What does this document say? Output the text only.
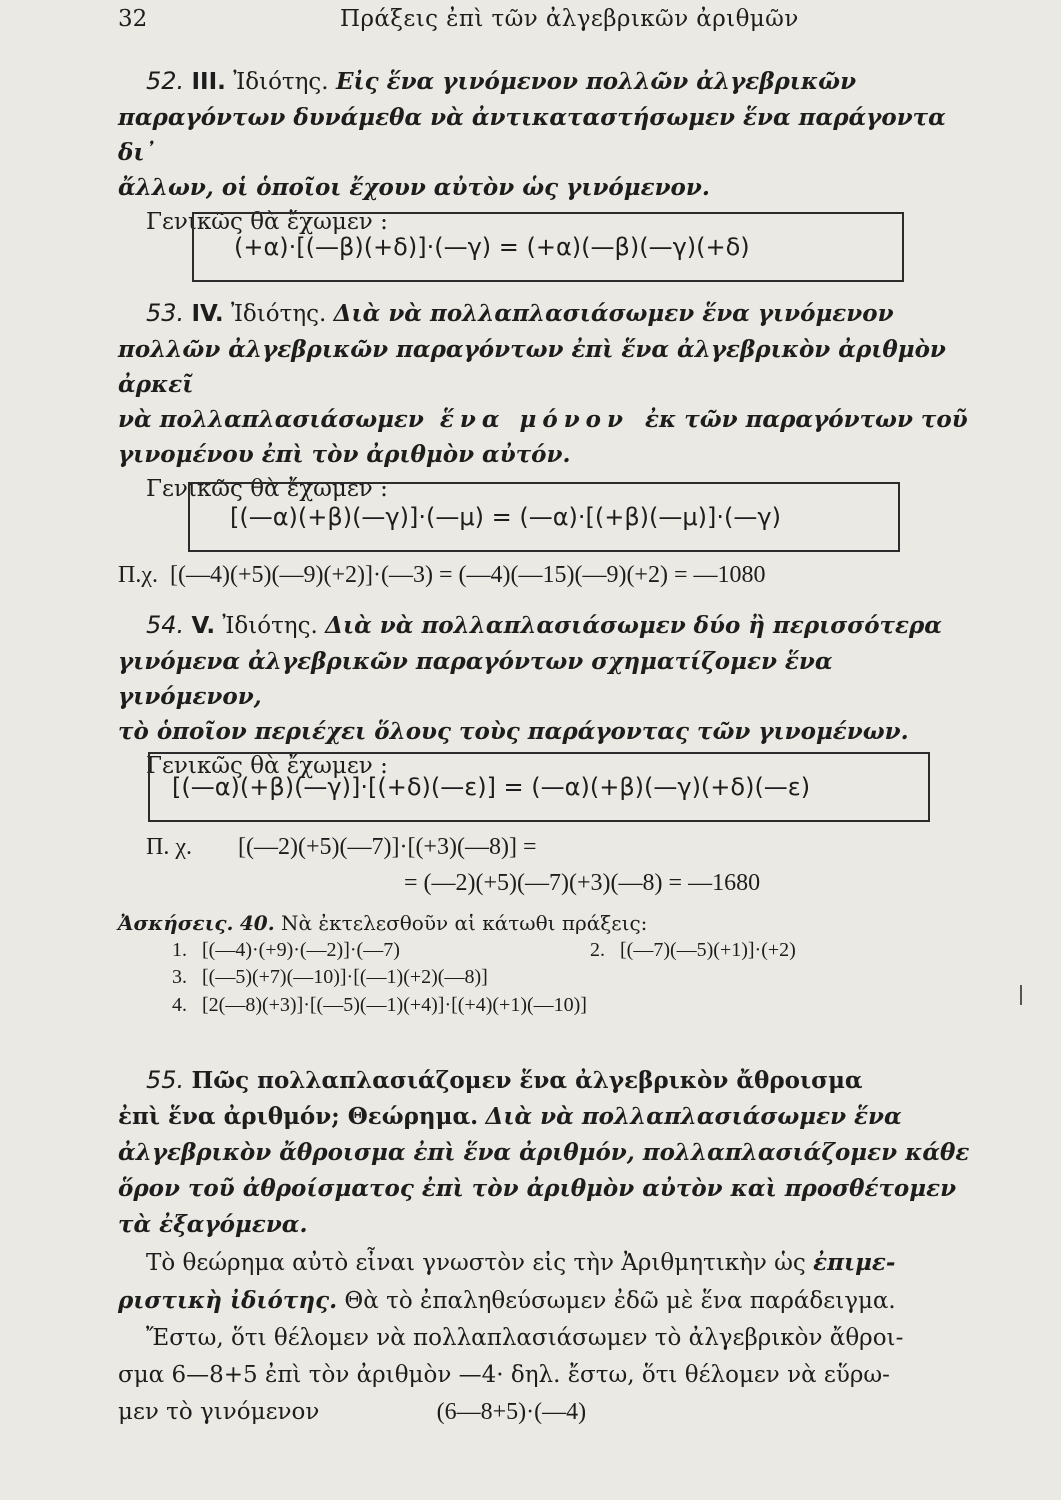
32	Πράξεις ἐπὶ τῶν ἀλγεβρικῶν ἀριθμῶν
52. III. Ἰδιότης. Εἰς ἕνα γινόμενον πολλῶν ἀλγεβρικῶν
παραγόντων δυνάμεθα νὰ ἀντικαταστήσωμεν ἕνα παράγοντα δι᾽
ἄλλων, οἱ ὁποῖοι ἔχουν αὐτὸν ὡς γινόμενον.
Γενικῶς θὰ ἔχωμεν :
(+α)·[(—β)(+δ)]·(—γ) = (+α)(—β)(—γ)(+δ)
53. IV. Ἰδιότης. Διὰ νὰ πολλαπλασιάσωμεν ἕνα γινόμενον
πολλῶν ἀλγεβρικῶν παραγόντων ἐπὶ ἕνα ἀλγεβρικὸν ἀριθμὸν ἀρκεῖ
νὰ πολλαπλασιάσωμεν ἕνα μόνον ἐκ τῶν παραγόντων τοῦ
γινομένου ἐπὶ τὸν ἀριθμὸν αὐτόν.
Γενικῶς θὰ ἔχωμεν :
[(—α)(+β)(—γ)]·(—μ) = (—α)·[(+β)(—μ)]·(—γ)
Π.χ. [(—4)(+5)(—9)(+2)]·(—3) = (—4)(—15)(—9)(+2) = —1080
54. V. Ἰδιότης. Διὰ νὰ πολλαπλασιάσωμεν δύο ἢ περισσότερα
γινόμενα ἀλγεβρικῶν παραγόντων σχηματίζομεν ἕνα γινόμενον,
τὸ ὁποῖον περιέχει ὅλους τοὺς παράγοντας τῶν γινομένων.
Γενικῶς θὰ ἔχωμεν :
[(—α)(+β)(—γ)]·[(+δ)(—ε)] = (—α)(+β)(—γ)(+δ)(—ε)
Π. χ. [(—2)(+5)(—7)]·[(+3)(—8)] =
= (—2)(+5)(—7)(+3)(—8) = —1680
Ἀσκήσεις. 40. Νὰ ἐκτελεσθοῦν αἱ κάτωθι πράξεις:
1. [(—4)·(+9)·(—2)]·(—7)	2. [(—7)(—5)(+1)]·(+2)
3. [(—5)(+7)(—10)]·[(—1)(+2)(—8)]
4. [2(—8)(+3)]·[(—5)(—1)(+4)]·[(+4)(+1)(—10)]
55. Πῶς πολλαπλασιάζομεν ἕνα ἀλγεβρικὸν ἄθροισμα
ἐπὶ ἕνα ἀριθμόν; Θεώρημα. Διὰ νὰ πολλαπλασιάσωμεν ἕνα
ἀλγεβρικὸν ἄθροισμα ἐπὶ ἕνα ἀριθμόν, πολλαπλασιάζομεν κάθε
ὅρον τοῦ ἀθροίσματος ἐπὶ τὸν ἀριθμὸν αὐτὸν καὶ προσθέτομεν
τὰ ἐξαγόμενα.
Τὸ θεώρημα αὐτὸ εἶναι γνωστὸν εἰς τὴν Ἀριθμητικὴν ὡς ἐπιμε-
ριστικὴ ἰδιότης. Θὰ τὸ ἐπαληθεύσωμεν ἐδῶ μὲ ἕνα παράδειγμα.
Ἔστω, ὅτι θέλομεν νὰ πολλαπλασιάσωμεν τὸ ἀλγεβρικὸν ἄθροι-
σμα 6—8+5 ἐπὶ τὸν ἀριθμὸν —4· δηλ. ἔστω, ὅτι θέλομεν νὰ εὕρω-
μεν τὸ γινόμενον	(6—8+5)·(—4)
